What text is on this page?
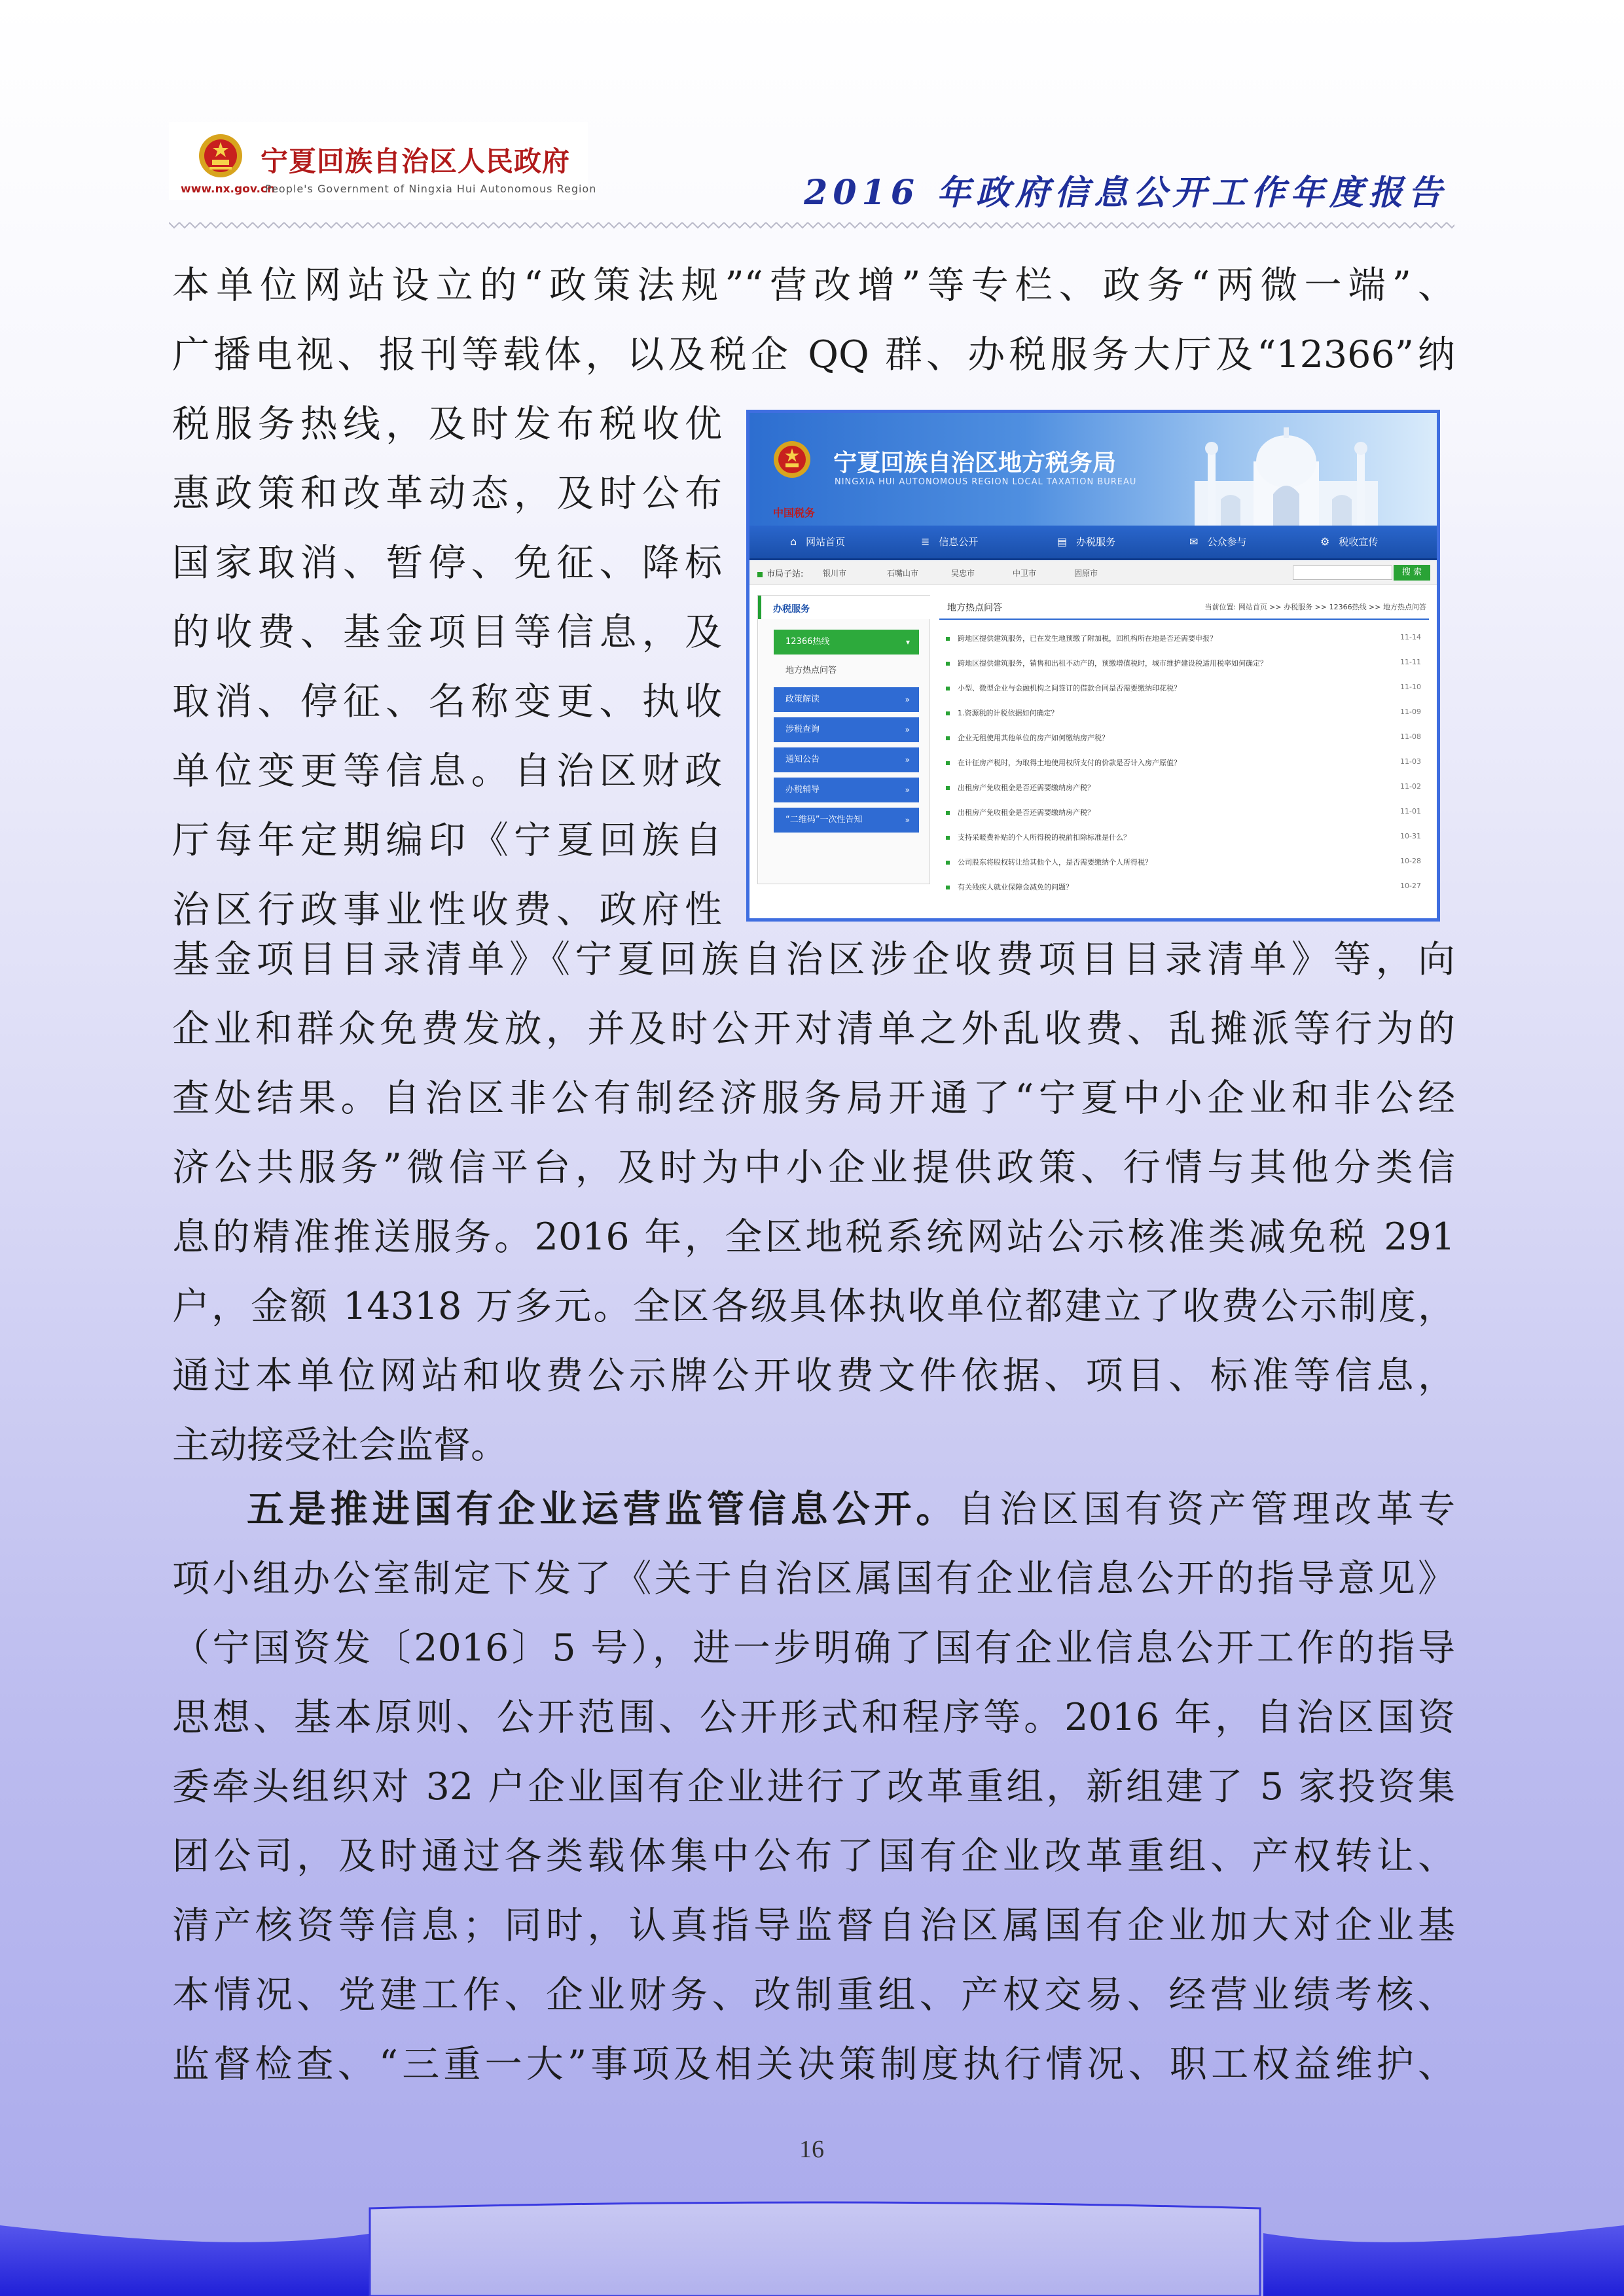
宁夏回族自治区人民政府
www.nx.gov.cn
People's Government of Ningxia Hui Autonomous Region	2016 年政府信息公开工作年度报告

本单位网站设立的“政策法规”“营改增”等专栏、政务“两微一端”、

广播电视、报刊等载体，以及税企 QQ 群、办税服务大厅及“12366”纳

税服务热线，及时发布税收优

惠政策和改革动态，及时公布

国家取消、暂停、免征、降标

的收费、基金项目等信息，及

取消、停征、名称变更、执收

单位变更等信息。自治区财政

厅每年定期编印《宁夏回族自

治区行政事业性收费、政府性

宁夏回族自治区地方税务局
NINGXIA HUI AUTONOMOUS REGION LOCAL TAXATION BUREAU
中国税务
⌂ 网站首页	≣ 信息公开	▤ 办税服务	✉ 公众参与	⚙ 税收宣传
市局子站: 银川市	石嘴山市	吴忠市	中卫市	固原市	搜 索
办税服务
12366热线	▾
地方热点问答
政策解读	»
涉税查询	»
通知公告	»
办税辅导	»
“二维码”一次性告知	»
地方热点问答	当前位置: 网站首页 >> 办税服务 >> 12366热线 >> 地方热点问答
跨地区提供建筑服务，已在发生地预缴了附加税，回机构所在地是否还需要申报？	11-14
跨地区提供建筑服务，销售和出租不动产的，预缴增值税时，城市维护建设税适用税率如何确定？	11-11
小型、微型企业与金融机构之间签订的借款合同是否需要缴纳印花税？	11-10
1.资源税的计税依据如何确定？	11-09
企业无租使用其他单位的房产如何缴纳房产税？	11-08
在计征房产税时，为取得土地使用权所支付的价款是否计入房产原值？	11-03
出租房产免收租金是否还需要缴纳房产税？	11-02
出租房产免收租金是否还需要缴纳房产税？	11-01
支持采暖费补贴的个人所得税的税前扣除标准是什么？	10-31
公司股东将股权转让给其他个人，是否需要缴纳个人所得税？	10-28
有关残疾人就业保障金减免的问题？	10-27

基金项目目录清单》《宁夏回族自治区涉企收费项目目录清单》等，向

企业和群众免费发放，并及时公开对清单之外乱收费、乱摊派等行为的

查处结果。自治区非公有制经济服务局开通了“宁夏中小企业和非公经

济公共服务”微信平台，及时为中小企业提供政策、行情与其他分类信

息的精准推送服务。2016 年，全区地税系统网站公示核准类减免税 291

户，金额 14318 万多元。全区各级具体执收单位都建立了收费公示制度，

通过本单位网站和收费公示牌公开收费文件依据、项目、标准等信息，

主动接受社会监督。

五是推进国有企业运营监管信息公开。自治区国有资产管理改革专

项小组办公室制定下发了《关于自治区属国有企业信息公开的指导意见》

（宁国资发〔2016〕5 号），进一步明确了国有企业信息公开工作的指导

思想、基本原则、公开范围、公开形式和程序等。2016 年，自治区国资

委牵头组织对 32 户企业国有企业进行了改革重组，新组建了 5 家投资集

团公司，及时通过各类载体集中公布了国有企业改革重组、产权转让、

清产核资等信息；同时，认真指导监督自治区属国有企业加大对企业基

本情况、党建工作、企业财务、改制重组、产权交易、经营业绩考核、

监督检查、“三重一大”事项及相关决策制度执行情况、职工权益维护、

16
